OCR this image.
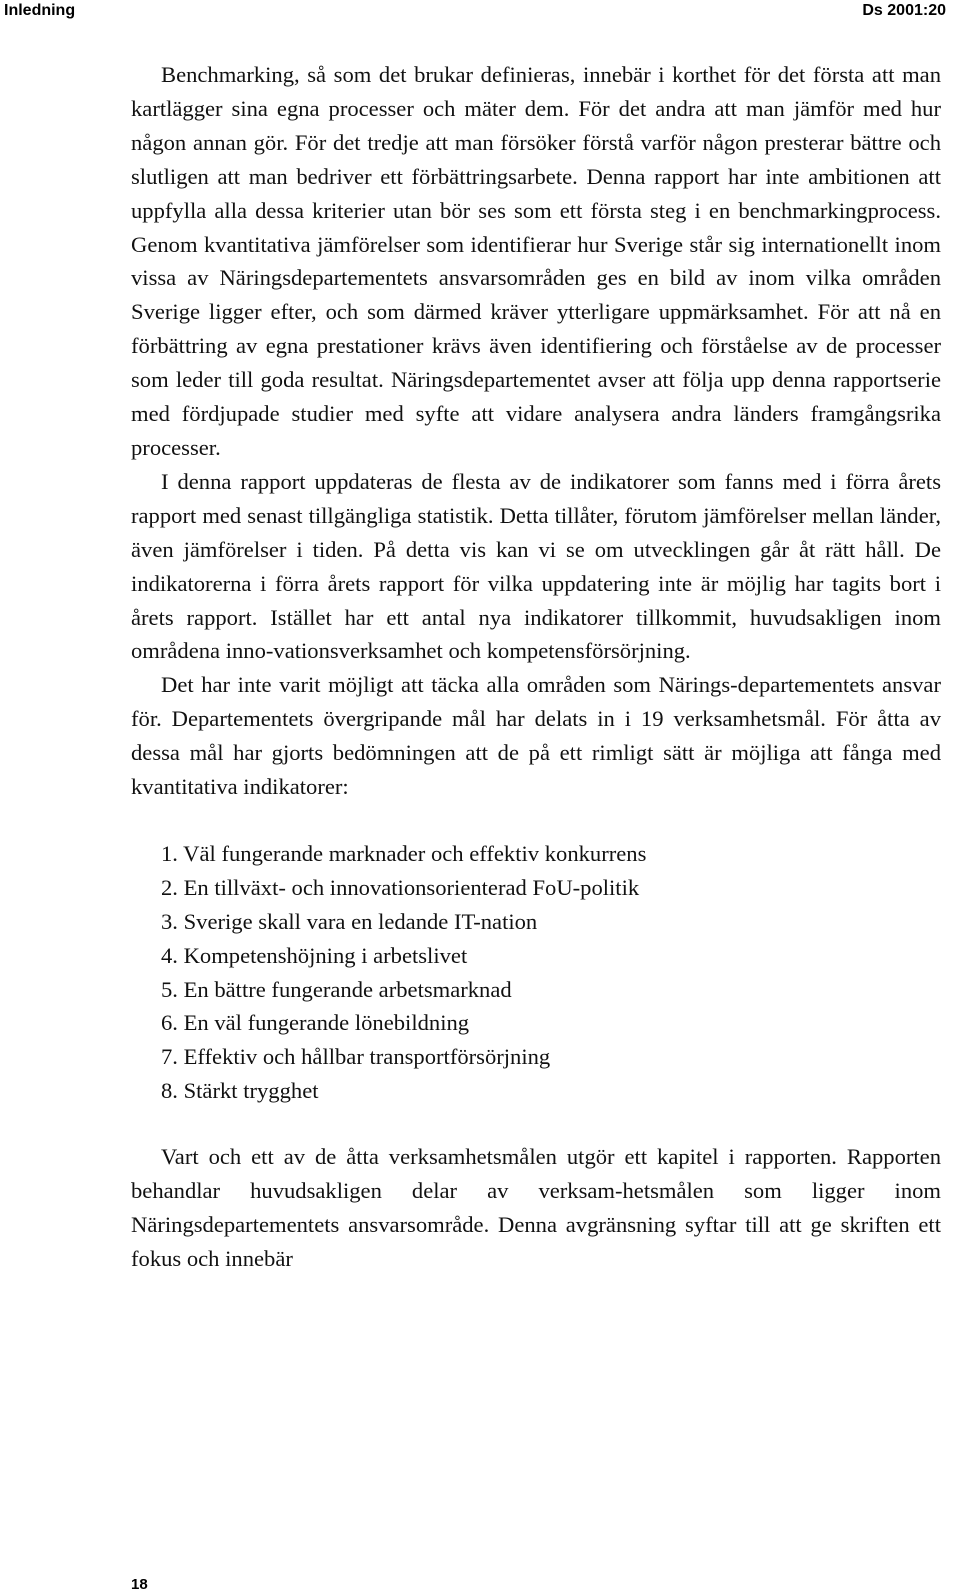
Inledning	Ds 2001:20

Benchmarking, så som det brukar definieras, innebär i korthet för det första att man kartlägger sina egna processer och mäter dem. För det andra att man jämför med hur någon annan gör. För det tredje att man försöker förstå varför någon presterar bättre och slutligen att man bedriver ett förbättringsarbete. Denna rapport har inte ambitionen att uppfylla alla dessa kriterier utan bör ses som ett första steg i en benchmarkingprocess. Genom kvantitativa jämförelser som identifierar hur Sverige står sig internationellt inom vissa av Näringsdepartementets ansvarsområden ges en bild av inom vilka områden Sverige ligger efter, och som därmed kräver ytterligare uppmärksamhet. För att nå en förbättring av egna prestationer krävs även identifiering och förståelse av de processer som leder till goda resultat. Näringsdepartementet avser att följa upp denna rapportserie med fördjupade studier med syfte att vidare analysera andra länders framgångsrika processer.

I denna rapport uppdateras de flesta av de indikatorer som fanns med i förra årets rapport med senast tillgängliga statistik. Detta tillåter, förutom jämförelser mellan länder, även jämförelser i tiden. På detta vis kan vi se om utvecklingen går åt rätt håll. De indikatorerna i förra årets rapport för vilka uppdatering inte är möjlig har tagits bort i årets rapport. Istället har ett antal nya indikatorer tillkommit, huvudsakligen inom områdena inno-vationsverksamhet och kompetensförsörjning.

Det har inte varit möjligt att täcka alla områden som Närings-departementets ansvar för. Departementets övergripande mål har delats in i 19 verksamhetsmål. För åtta av dessa mål har gjorts bedömningen att de på ett rimligt sätt är möjliga att fånga med kvantitativa indikatorer:

1. Väl fungerande marknader och effektiv konkurrens
2. En tillväxt- och innovationsorienterad FoU-politik
3. Sverige skall vara en ledande IT-nation
4. Kompetenshöjning i arbetslivet
5. En bättre fungerande arbetsmarknad
6. En väl fungerande lönebildning
7. Effektiv och hållbar transportförsörjning
8. Stärkt trygghet

Vart och ett av de åtta verksamhetsmålen utgör ett kapitel i rapporten. Rapporten behandlar huvudsakligen delar av verksam-hetsmålen som ligger inom Näringsdepartementets ansvarsområde. Denna avgränsning syftar till att ge skriften ett fokus och innebär

18
